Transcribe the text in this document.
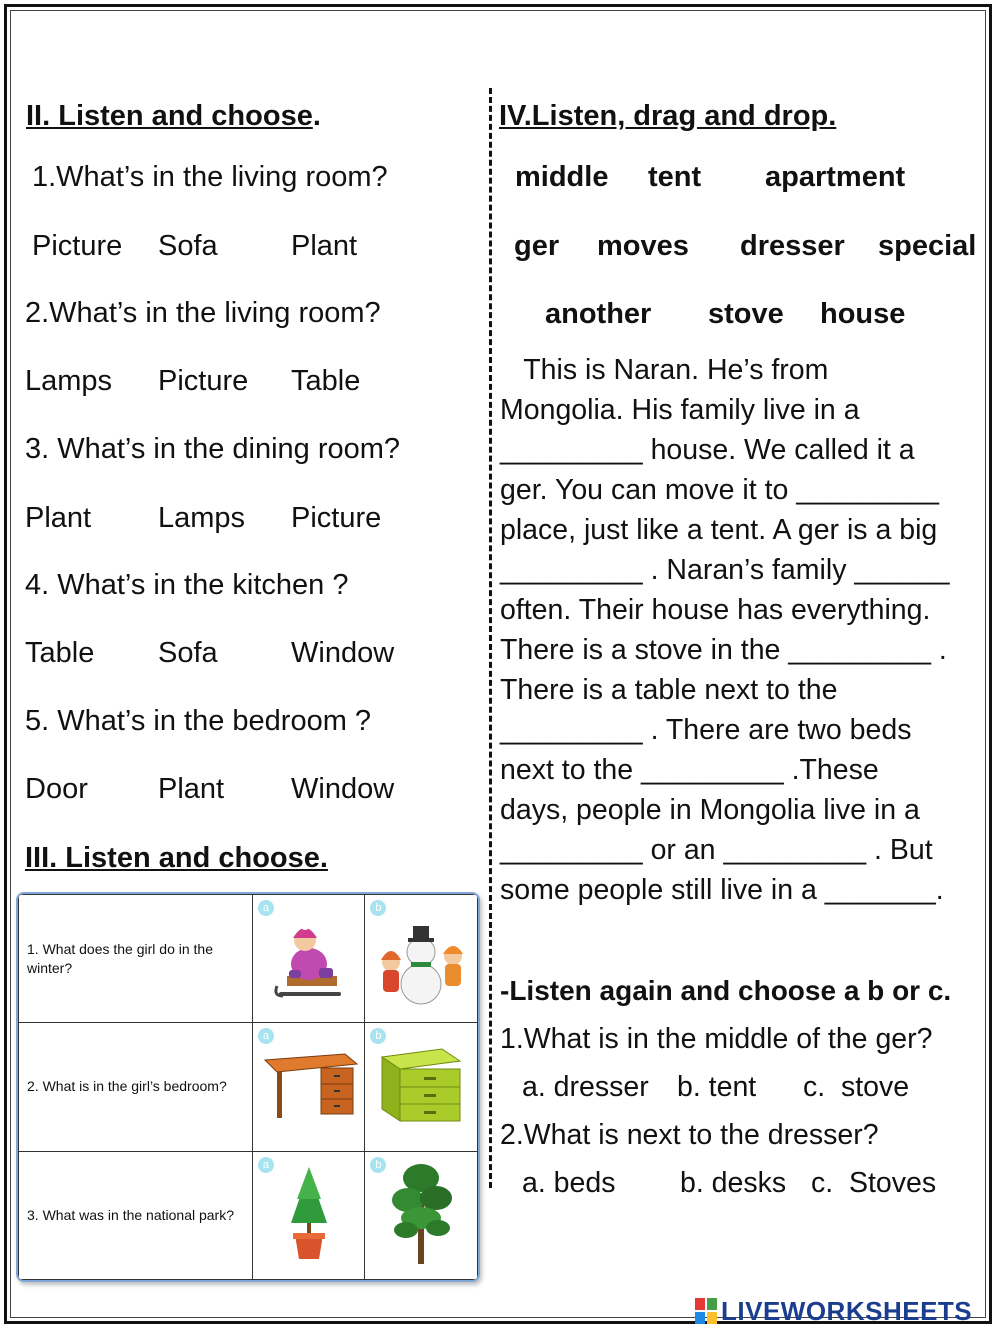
II. Listen and choose.
1.What’s in the living room?
Picture Sofa	Plant
2.What’s in the living room?
Lamps Picture Table
3. What’s in the dining room?
Plant Lamps Picture
4. What’s in the kitchen ?
Table Sofa	Window
5. What’s in the bedroom ?
Door Plant Window
III. Listen and choose.
1. What does the girl do in the winter?	a	b

2. What is in the girl’s bedroom?	a	b

3. What was in the national park?	a	b
IV.Listen, drag and drop.
middle tent apartment
ger moves dresser special
another stove house
This is Naran. He’s from
Mongolia. His family live in a
_________ house. We called it a
ger. You can move it to _________
place, just like a tent. A ger is a big
_________ . Naran’s family ______
often. Their house has everything.
There is a stove in the _________ .
There is a table next to the
_________ . There are two beds
next to the _________ .These
days, people in Mongolia live in a
_________ or an _________ . But
some people still live in a _______.
-Listen again and choose a b or c.
1.What is in the middle of the ger?
a. dresser b. tent c.  stove
2.What is next to the dresser?
a. beds b. desks c.  Stoves
LIVEWORKSHEETS
